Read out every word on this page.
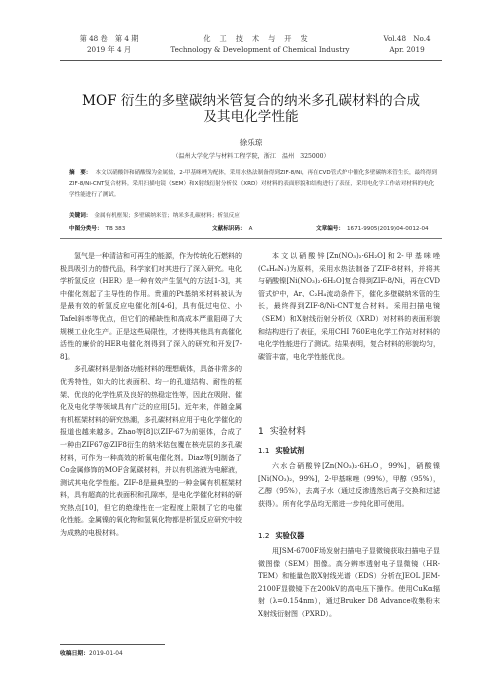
第 48 卷　第 4 期
2019 年 4 月
化工技术与开发
Technology & Development of Chemical Industry
Vol.48　No.4
Apr. 2019
MOF 衍生的多壁碳纳米管复合的纳米多孔碳材料的合成
及其电化学性能
徐乐琼
（温州大学化学与材料工程学院，浙江　温州　325000）
摘　要： 本文以硝酸锌和硝酸镍为金属盐，2-甲基咪唑为配体，采用水热法制备得到ZIF-8/Ni，再在CVD管式炉中催化多壁碳纳米管生长，最终得到ZIF-8/Ni-CNT复合材料。采用扫描电镜（SEM）和X射线衍射分析仪（XRD）对材料的表面形貌和结构进行了表征，采用电化学工作站对材料的电化学性能进行了测试。
关键词： 金属有机框架；多壁碳纳米管；纳米多孔碳材料；析氢反应
中图分类号： TB 383	文献标识码： A	文章编号： 1671-9905(2019)04-0012-04

氢气是一种清洁和可再生的能源，作为传统化石燃料的极具吸引力的替代品，科学家们对其进行了深入研究。电化学析氢反应（HER）是一种有效产生氢气的方法[1-3]，其中催化剂起了主导性的作用。贵重的Pt基纳米材料被认为是最有效的析氢反应电催化剂[4-6]，具有低过电位、小Tafel斜率等优点，但它们的稀缺性和高成本严重阻碍了大规模工业化生产。正是这些局限性，才使得其他具有高催化活性的廉价的HER电催化剂得到了深入的研究和开发[7-8]。

多孔碳材料是制备功能材料的理想载体，具备非常多的优秀特性，如大的比表面积、均一的孔道结构、耐性的框架、优良的化学性质及良好的热稳定性等，因此在吸附、催化及电化学等领域具有广泛的应用[5]。近年来，伴随金属有机框架材料的研究热潮，多孔碳材料应用于电化学催化的报道也越来越多。Zhao等[8]以ZIF-67为前驱体，合成了一种由ZIF67@ZIF8衍生的纳米钴包覆在核壳层的多孔碳材料，可作为一种高效的析氧电催化剂。Diaz等[9]制备了Co金属修饰的MOF含氮碳材料，并以有机溶液为电解液，测试其电化学性能。ZIF-8是最典型的一种金属有机框架材料，具有超高的比表面积和孔隙率，是电化学催化材料的研究热点[10]，但它的绝缘性在一定程度上限制了它的电催化性能。金属镍的氧化物和氢氧化物都是析氢反应研究中较为成熟的电极材料。

本文以硝酸锌[Zn(NO₃)₂·6H₂O]和2-甲基咪唑(C₄H₆N₂)为原料，采用水热法制备了ZIF-8材料，并将其与硝酸镍[Ni(NO₃)₂·6H₂O]复合得到ZIF-8/Ni，再在CVD管式炉中，Ar、C₂H₄流动条件下，催化多壁碳纳米管的生长，最终得到ZIF-8/Ni-CNT复合材料。采用扫描电镜（SEM）和X射线衍射分析仪（XRD）对材料的表面形貌和结构进行了表征，采用CHI 760E电化学工作站对材料的电化学性能进行了测试。结果表明，复合材料的形貌均匀，碳管丰富，电化学性能优良。

1 实验材料
1.1 实验试剂

六水合硝酸锌[Zn(NO₃)₂·6H₂O，99%]，硝酸镍[Ni(NO₃)₂，99%]，2-甲基咪唑（99%），甲醇（95%），乙醇（95%），去离子水（通过反渗透然后离子交换和过滤获得）。所有化学品均无需进一步纯化即可使用。

1.2 实验仪器

用JSM-6700F场发射扫描电子显微镜获取扫描电子显微图像（SEM）图像。高分辨率透射电子显微镜（HR-TEM）和能量色散X射线光谱（EDS）分析在JEOL JEM-2100F显微镜下在200kV的高电压下操作。使用CuKα辐射（λ=0.154nm），通过Bruker D8 Advance收集粉末X射线衍射图（PXRD）。

收稿日期：2019-01-04
